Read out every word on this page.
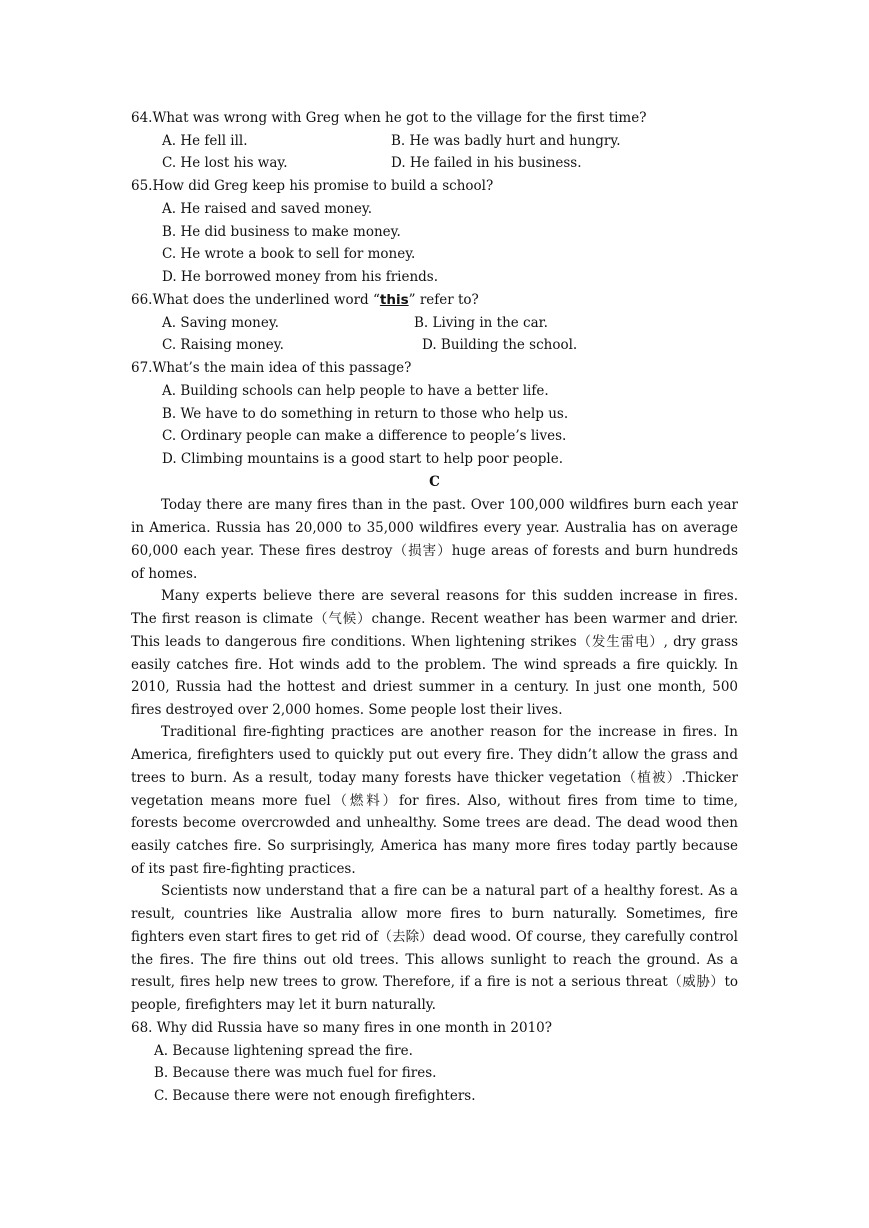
64.What was wrong with Greg when he got to the village for the first time?
A. He fell ill.	B. He was badly hurt and hungry.
C. He lost his way.	D. He failed in his business.
65.How did Greg keep his promise to build a school?
A. He raised and saved money.
B. He did business to make money.
C. He wrote a book to sell for money.
D. He borrowed money from his friends.
66.What does the underlined word “this” refer to?
A. Saving money.	B. Living in the car.
C. Raising money.	D. Building the school.
67.What’s the main idea of this passage?
A. Building schools can help people to have a better life.
B. We have to do something in return to those who help us.
C. Ordinary people can make a difference to people’s lives.
D. Climbing mountains is a good start to help poor people.
C
Today there are many fires than in the past. Over 100,000 wildfires burn each year in America. Russia has 20,000 to 35,000 wildfires every year. Australia has on average 60,000 each year. These fires destroy（损害）huge areas of forests and burn hundreds of homes.
Many experts believe there are several reasons for this sudden increase in fires. The first reason is climate（气候）change. Recent weather has been warmer and drier. This leads to dangerous fire conditions. When lightening strikes（发生雷电）, dry grass easily catches fire. Hot winds add to the problem. The wind spreads a fire quickly. In 2010, Russia had the hottest and driest summer in a century. In just one month, 500 fires destroyed over 2,000 homes. Some people lost their lives.
Traditional fire-fighting practices are another reason for the increase in fires. In America, firefighters used to quickly put out every fire. They didn’t allow the grass and trees to burn. As a result, today many forests have thicker vegetation（植被）.Thicker vegetation means more fuel（燃料）for fires. Also, without fires from time to time, forests become overcrowded and unhealthy. Some trees are dead. The dead wood then easily catches fire. So surprisingly, America has many more fires today partly because of its past fire-fighting practices.
Scientists now understand that a fire can be a natural part of a healthy forest. As a result, countries like Australia allow more fires to burn naturally. Sometimes, fire fighters even start fires to get rid of（去除）dead wood. Of course, they carefully control the fires. The fire thins out old trees. This allows sunlight to reach the ground. As a result, fires help new trees to grow. Therefore, if a fire is not a serious threat（威胁）to people, firefighters may let it burn naturally.
68. Why did Russia have so many fires in one month in 2010?
A. Because lightening spread the fire.
B. Because there was much fuel for fires.
C. Because there were not enough firefighters.
